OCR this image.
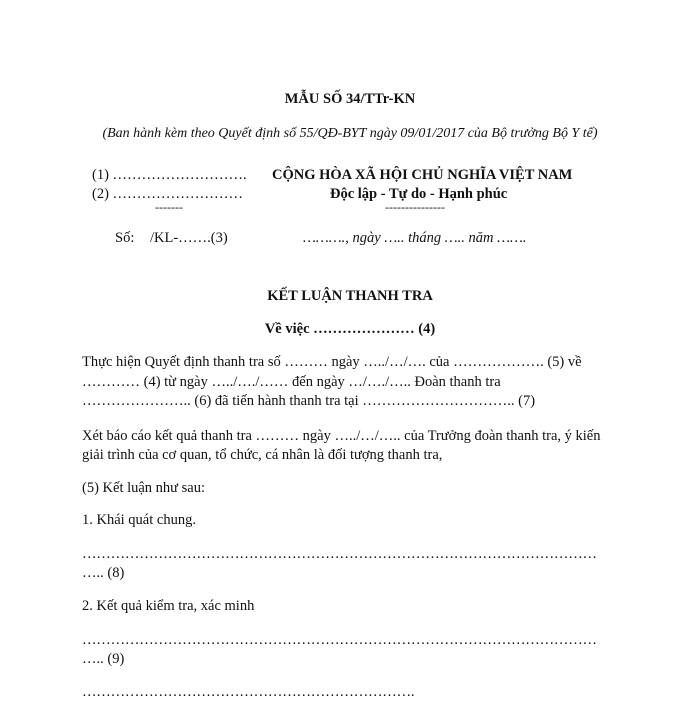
MẪU SỐ 34/TTr-KN
(Ban hành kèm theo Quyết định số 55/QĐ-BYT ngày 09/01/2017 của Bộ trưởng Bộ Y tế)
(1) ……………………….
(2) ………………………
-------
CỘNG HÒA XÃ HỘI CHỦ NGHĨA VIỆT NAM
Độc lập - Tự do - Hạnh phúc
---------------
Số: /KL-…….(3)	………., ngày ….. tháng ….. năm …….
KẾT LUẬN THANH TRA
Về việc ………………… (4)
Thực hiện Quyết định thanh tra số ……… ngày …../…/…. của ………………. (5) về
………… (4) từ ngày …../…./…… đến ngày …/…./….. Đoàn thanh tra
………………….. (6) đã tiến hành thanh tra tại ………………………….. (7)
Xét báo cáo kết quả thanh tra ……… ngày …../…/….. của Trưởng đoàn thanh tra, ý kiến
giải trình của cơ quan, tổ chức, cá nhân là đối tượng thanh tra,
(5) Kết luận như sau:
1. Khái quát chung.
………………………………………………………………………………………………
….. (8)
2. Kết quả kiểm tra, xác minh
………………………………………………………………………………………………
….. (9)
…………………………………………………………….
